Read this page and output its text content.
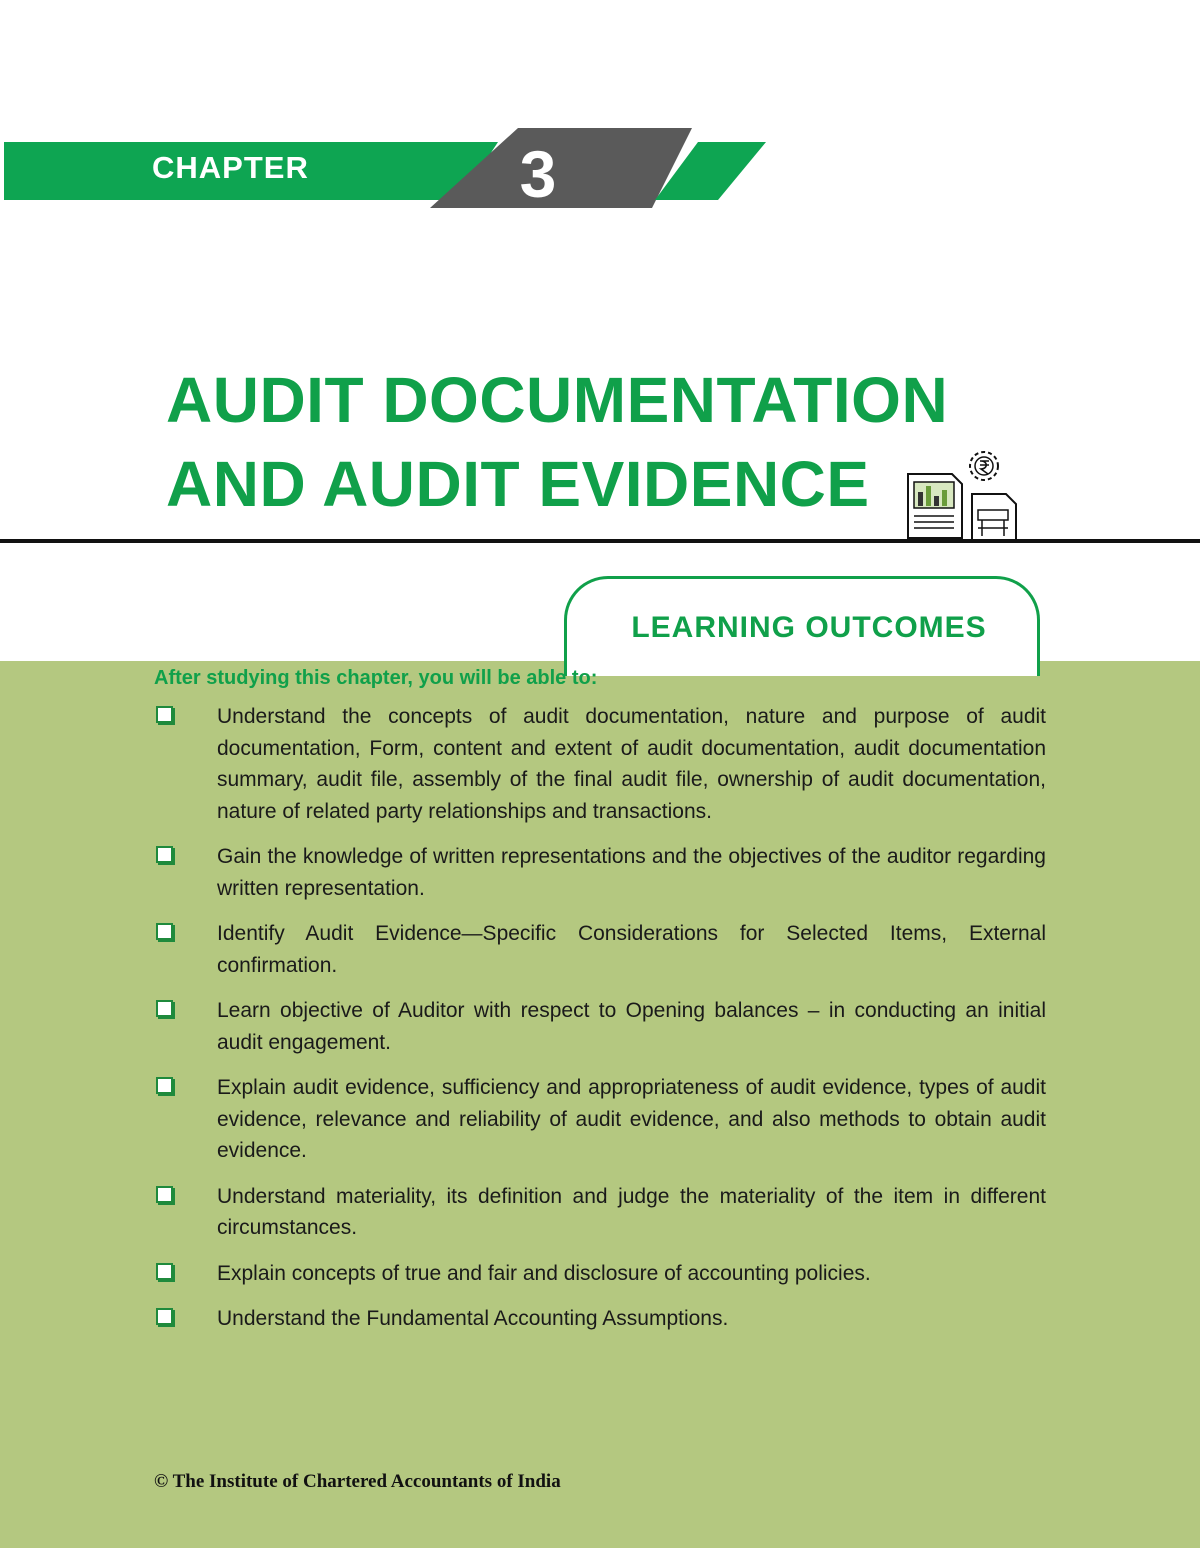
CHAPTER	3
AUDIT DOCUMENTATION
AND AUDIT EVIDENCE
LEARNING OUTCOMES
After studying this chapter, you will be able to:
Understand the concepts of audit documentation, nature and purpose of audit documentation, Form, content and extent of audit documentation, audit documentation summary, audit file, assembly of the final audit file, ownership of audit documentation, nature of related party relationships and transactions.
Gain the knowledge of written representations and the objectives of the auditor regarding written representation.
Identify Audit Evidence—Specific Considerations for Selected Items, External confirmation.
Learn objective of Auditor with respect to Opening balances – in conducting an initial audit engagement.
Explain audit evidence, sufficiency and appropriateness of audit evidence, types of audit evidence, relevance and reliability of audit evidence, and also methods to obtain audit evidence.
Understand materiality, its definition and judge the materiality of the item in different circumstances.
Explain concepts of true and fair and disclosure of accounting policies.
Understand the Fundamental Accounting Assumptions.
© The Institute of Chartered Accountants of India
